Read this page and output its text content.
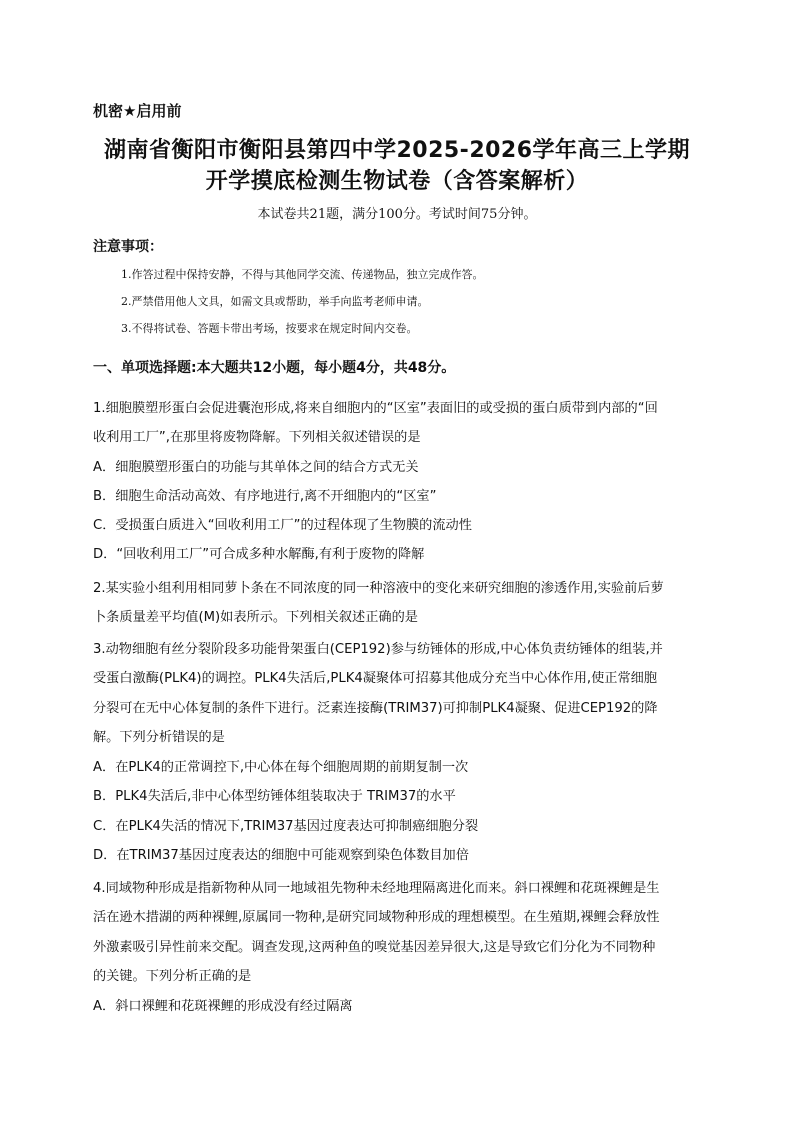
机密★启用前
湖南省衡阳市衡阳县第四中学2025-2026学年高三上学期
开学摸底检测生物试卷（含答案解析）
本试卷共21题，满分100分。考试时间75分钟。
注意事项：
1.作答过程中保持安静，不得与其他同学交流、传递物品，独立完成作答。
2.严禁借用他人文具，如需文具或帮助，举手向监考老师申请。
3.不得将试卷、答题卡带出考场，按要求在规定时间内交卷。
一、单项选择题:本大题共12小题，每小题4分，共48分。
1.细胞膜塑形蛋白会促进囊泡形成,将来自细胞内的“区室”表面旧的或受损的蛋白质带到内部的“回
收利用工厂”,在那里将废物降解。下列相关叙述错误的是
A．细胞膜塑形蛋白的功能与其单体之间的结合方式无关
B．细胞生命活动高效、有序地进行,离不开细胞内的“区室”
C．受损蛋白质进入“回收利用工厂”的过程体现了生物膜的流动性
D．“回收利用工厂”可合成多种水解酶,有利于废物的降解
2.某实验小组利用相同萝卜条在不同浓度的同一种溶液中的变化来研究细胞的渗透作用,实验前后萝
卜条质量差平均值(M)如表所示。下列相关叙述正确的是
3.动物细胞有丝分裂阶段多功能骨架蛋白(CEP192)参与纺锤体的形成,中心体负责纺锤体的组装,并
受蛋白激酶(PLK4)的调控。PLK4失活后,PLK4凝聚体可招募其他成分充当中心体作用,使正常细胞
分裂可在无中心体复制的条件下进行。泛素连接酶(TRIM37)可抑制PLK4凝聚、促进CEP192的降
解。下列分析错误的是
A．在PLK4的正常调控下,中心体在每个细胞周期的前期复制一次
B．PLK4失活后,非中心体型纺锤体组装取决于 TRIM37的水平
C．在PLK4失活的情况下,TRIM37基因过度表达可抑制癌细胞分裂
D．在TRIM37基因过度表达的细胞中可能观察到染色体数目加倍
4.同域物种形成是指新物种从同一地域祖先物种未经地理隔离进化而来。斜口裸鲤和花斑裸鲤是生
活在逊木措湖的两种裸鲤,原属同一物种,是研究同域物种形成的理想模型。在生殖期,裸鲤会释放性
外激素吸引异性前来交配。调查发现,这两种鱼的嗅觉基因差异很大,这是导致它们分化为不同物种
的关键。下列分析正确的是
A．斜口裸鲤和花斑裸鲤的形成没有经过隔离
